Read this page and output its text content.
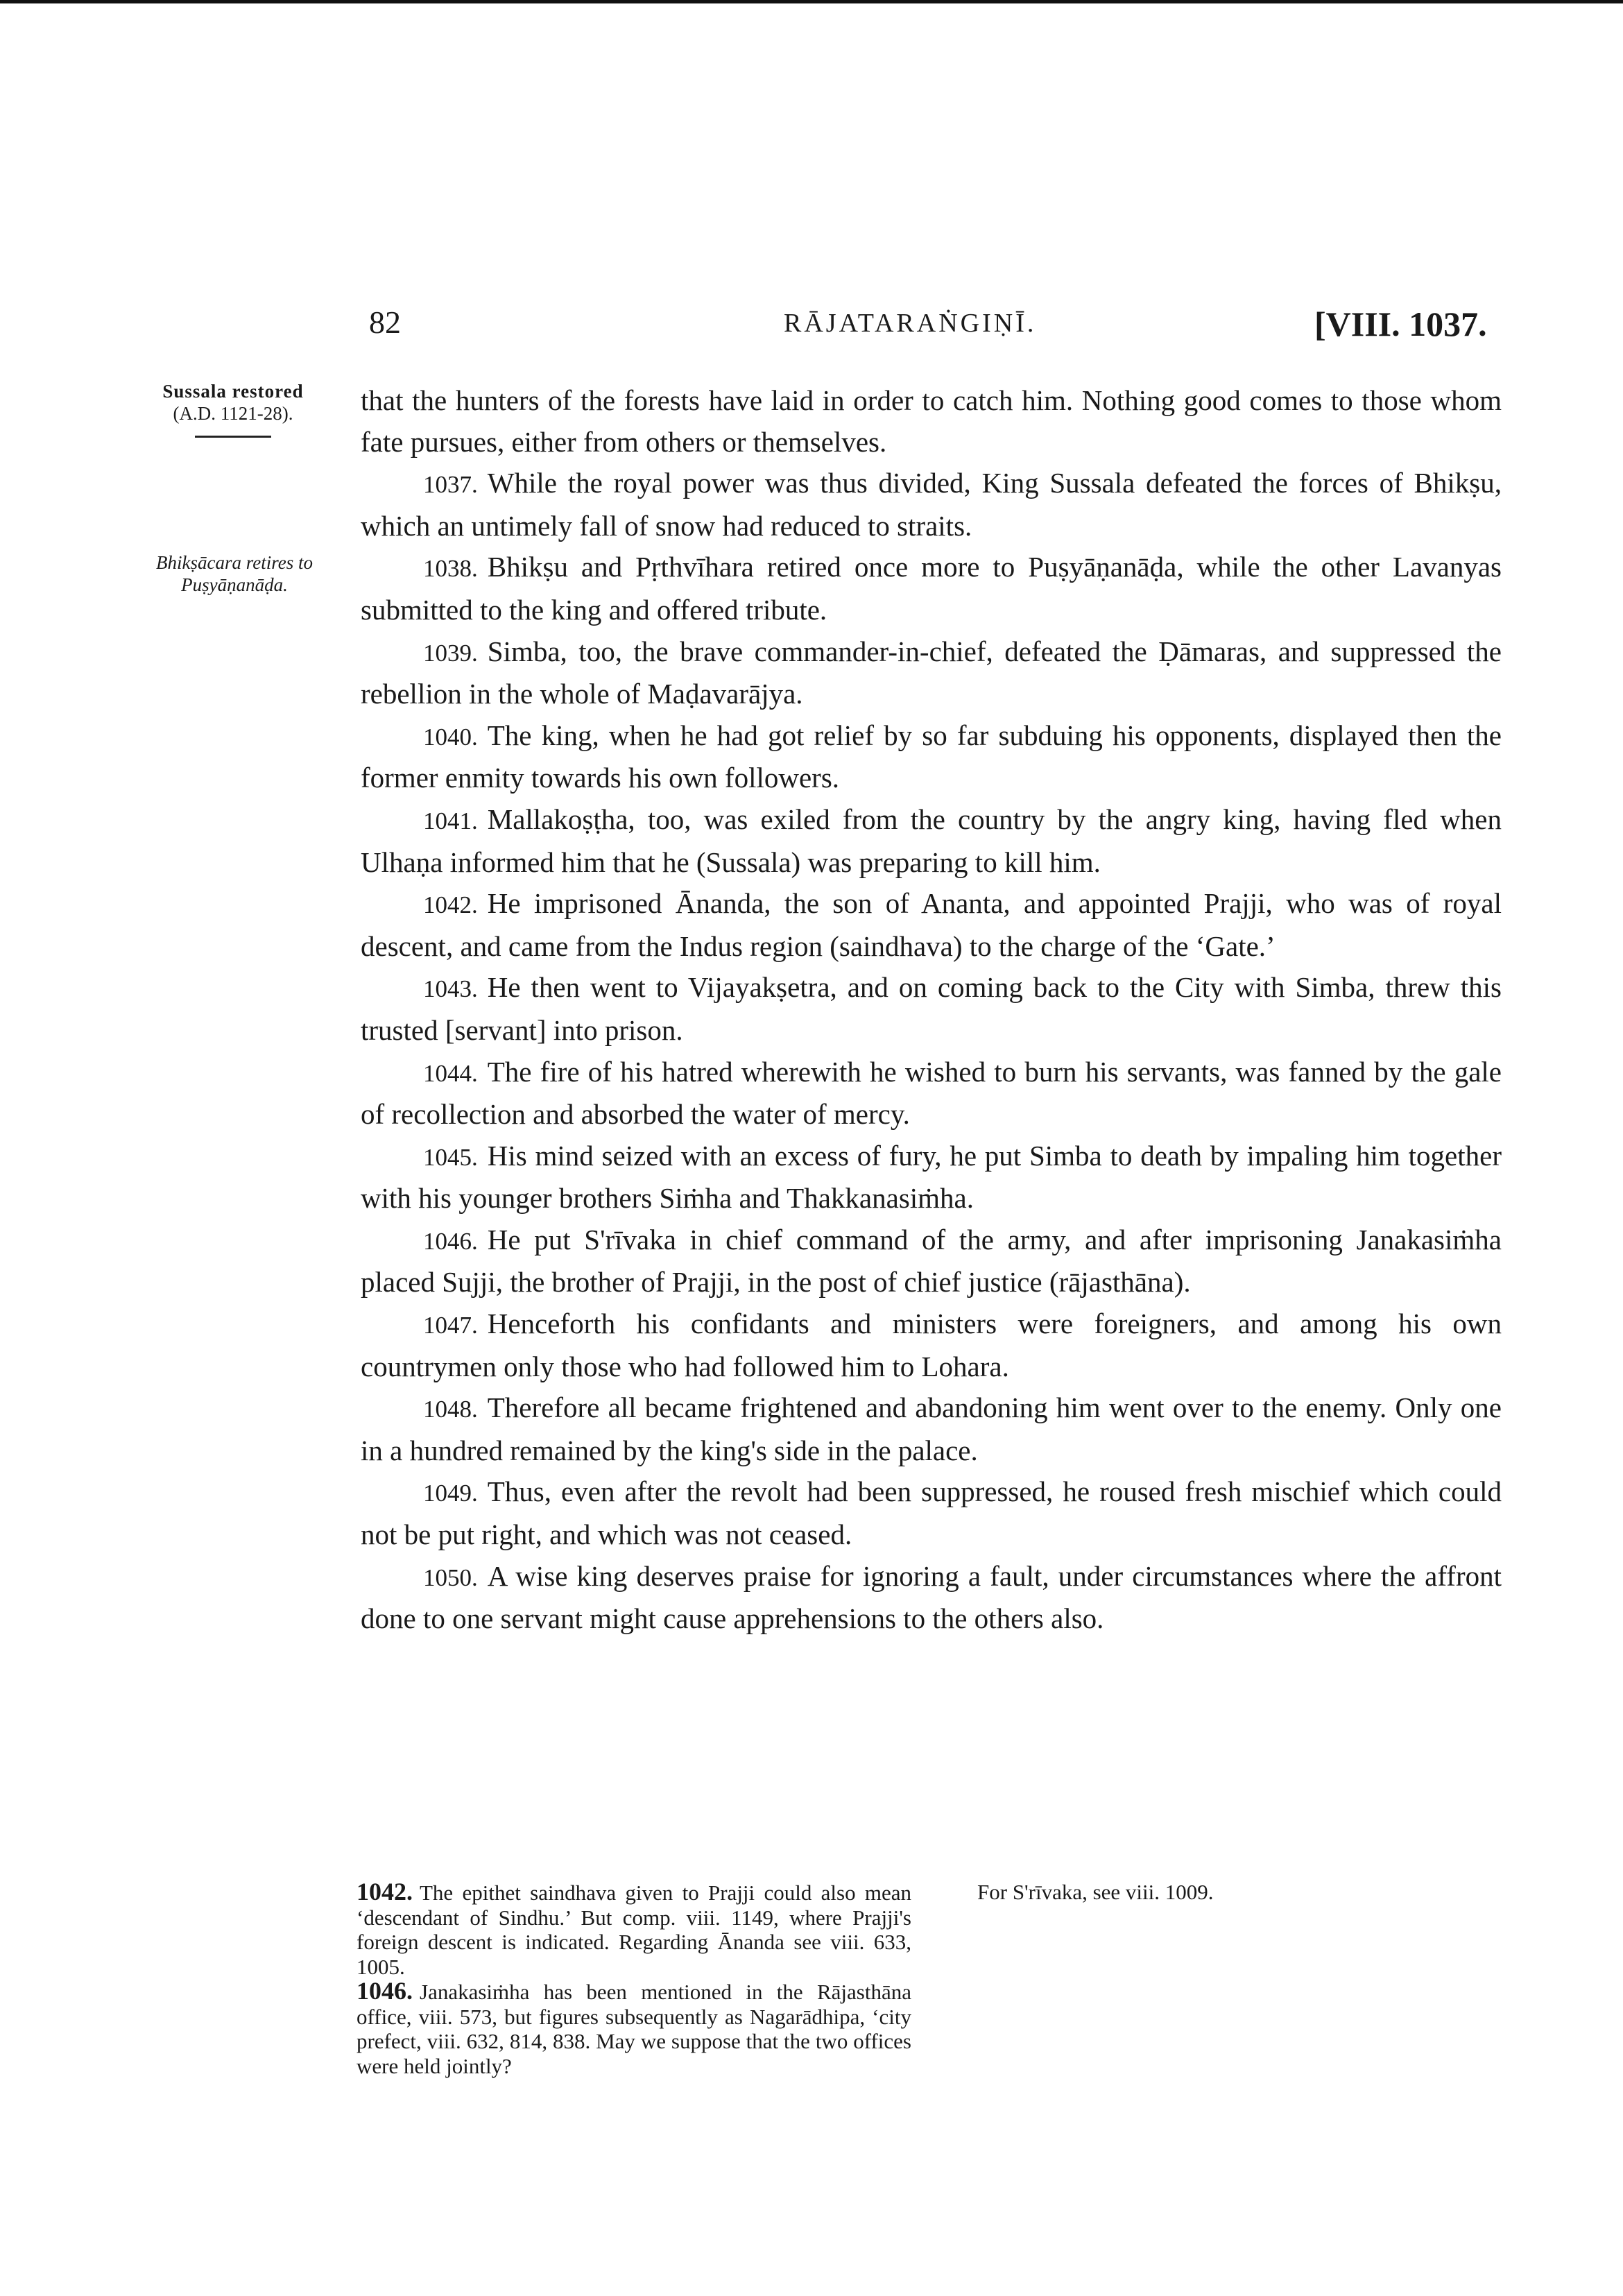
82	RĀJATARAṄGIṆĪ.	[VIII. 1037.
Sussala restored
(A.D. 1121-28).
Bhikṣācara retires to
Puṣyāṇanāḍa.

that the hunters of the forests have laid in order to catch him. Nothing good comes to those whom fate pursues, either from others or themselves.

1037. While the royal power was thus divided, King Sussala defeated the forces of Bhikṣu, which an untimely fall of snow had reduced to straits.

1038. Bhikṣu and Pṛthvīhara retired once more to Puṣyāṇanāḍa, while the other Lavanyas submitted to the king and offered tribute.

1039. Simba, too, the brave commander-in-chief, defeated the Ḍāmaras, and suppressed the rebellion in the whole of Maḍavarājya.

1040. The king, when he had got relief by so far subduing his opponents, displayed then the former enmity towards his own followers.

1041. Mallakoṣṭha, too, was exiled from the country by the angry king, having fled when Ulhaṇa informed him that he (Sussala) was preparing to kill him.

1042. He imprisoned Ānanda, the son of Ananta, and appointed Prajji, who was of royal descent, and came from the Indus region (saindhava) to the charge of the ‘Gate.’

1043. He then went to Vijayakṣetra, and on coming back to the City with Simba, threw this trusted [servant] into prison.

1044. The fire of his hatred wherewith he wished to burn his servants, was fanned by the gale of recollection and absorbed the water of mercy.

1045. His mind seized with an excess of fury, he put Simba to death by impaling him together with his younger brothers Siṁha and Thakkanasiṁha.

1046. He put S'rīvaka in chief command of the army, and after imprisoning Janakasiṁha placed Sujji, the brother of Prajji, in the post of chief justice (rājasthāna).

1047. Henceforth his confidants and ministers were foreigners, and among his own countrymen only those who had followed him to Lohara.

1048. Therefore all became frightened and abandoning him went over to the enemy. Only one in a hundred remained by the king's side in the palace.

1049. Thus, even after the revolt had been suppressed, he roused fresh mischief which could not be put right, and which was not ceased.

1050. A wise king deserves praise for ignoring a fault, under circumstances where the affront done to one servant might cause apprehensions to the others also.

1042. The epithet saindhava given to Prajji could also mean ‘descendant of Sindhu.’ But comp. viii. 1149, where Prajji's foreign descent is indicated. Regarding Ānanda see viii. 633, 1005.
1046. Janakasiṁha has been mentioned in the Rājasthāna office, viii. 573, but figures subsequently as Nagarādhipa, ‘city prefect, viii. 632, 814, 838. May we suppose that the two offices were held jointly?
For S'rīvaka, see viii. 1009.
